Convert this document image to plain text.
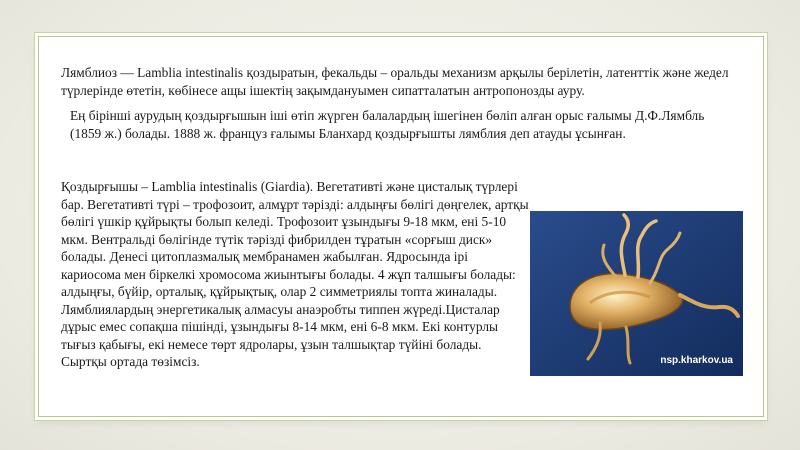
Лямблиоз — Lamblia intestinalis қоздыратын, фекальды – оральды механизм арқылы берілетін, латенттік және жедел түрлерінде өтетін, көбінесе ащы ішектің зақымдануымен сипатталатын антропонозды ауру.

Ең бірінші аурудың қоздырғышын іші өтіп жүрген балалардың ішегінен бөліп алған орыс ғалымы Д.Ф.Лямбль (1859 ж.) болады. 1888 ж. француз ғалымы Бланхард қоздырғышты лямблия деп атауды ұсынған.

Қоздырғышы – Lamblia intestinalis (Giardia). Вегетативті және цисталық түрлері бар. Вегетативті түрі – трофозоит, алмұрт тәрізді: алдыңғы бөлігі дөңгелек, артқы бөлігі үшкір құйрықты болып келеді. Трофозоит ұзындығы 9-18 мкм, ені 5-10 мкм. Вентральді бөлігінде түтік тәрізді фибрилден тұратын «сорғыш диск» болады. Денесі цитоплазмалық мембранамен жабылған. Ядросында ірі кариосома мен біркелкі хромосома жиынтығы болады. 4 жұп талшығы болады: алдыңғы, бүйір, орталық, құйрықтық, олар 2 симметриялы топта жиналады. Лямблиялардың энергетикалық алмасуы анаэробты типпен жүреді.Цисталар дұрыс емес сопақша пішінді, ұзындығы 8-14 мкм, ені 6-8 мкм. Екі контурлы тығыз қабығы, екі немесе төрт ядролары, ұзын талшықтар түйіні болады. Сыртқы ортада төзімсіз.	nsp.kharkov.ua
